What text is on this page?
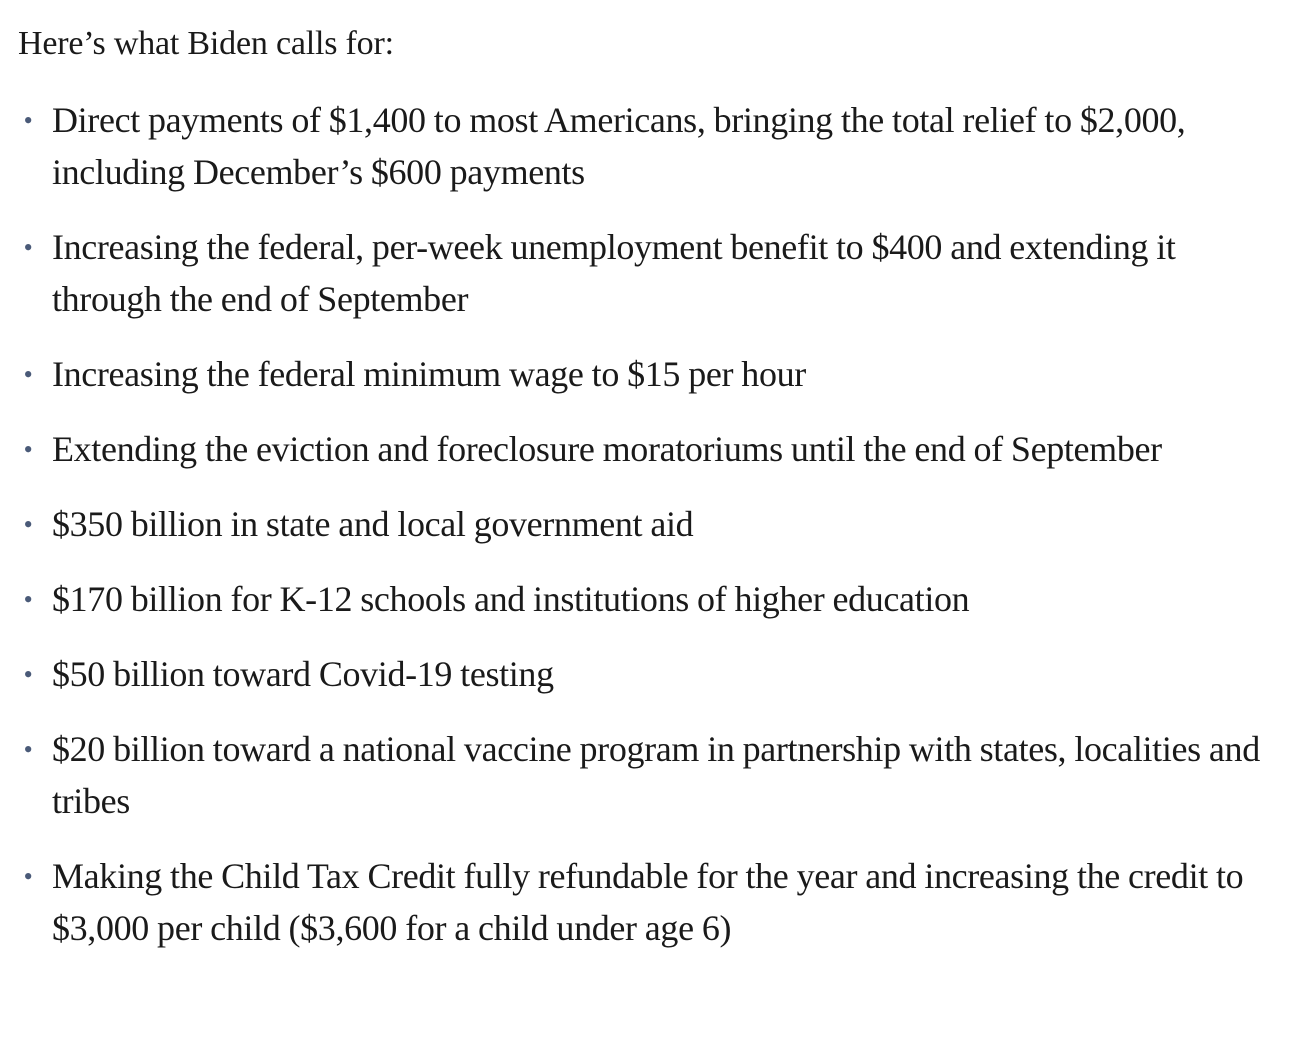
Here’s what Biden calls for:

• Direct payments of $1,400 to most Americans, bringing the total relief to $2,000, including December’s $600 payments
• Increasing the federal, per-week unemployment benefit to $400 and extending it through the end of September
• Increasing the federal minimum wage to $15 per hour
• Extending the eviction and foreclosure moratoriums until the end of September
• $350 billion in state and local government aid
• $170 billion for K-12 schools and institutions of higher education
• $50 billion toward Covid-19 testing
• $20 billion toward a national vaccine program in partnership with states, localities and tribes
• Making the Child Tax Credit fully refundable for the year and increasing the credit to $3,000 per child ($3,600 for a child under age 6)
